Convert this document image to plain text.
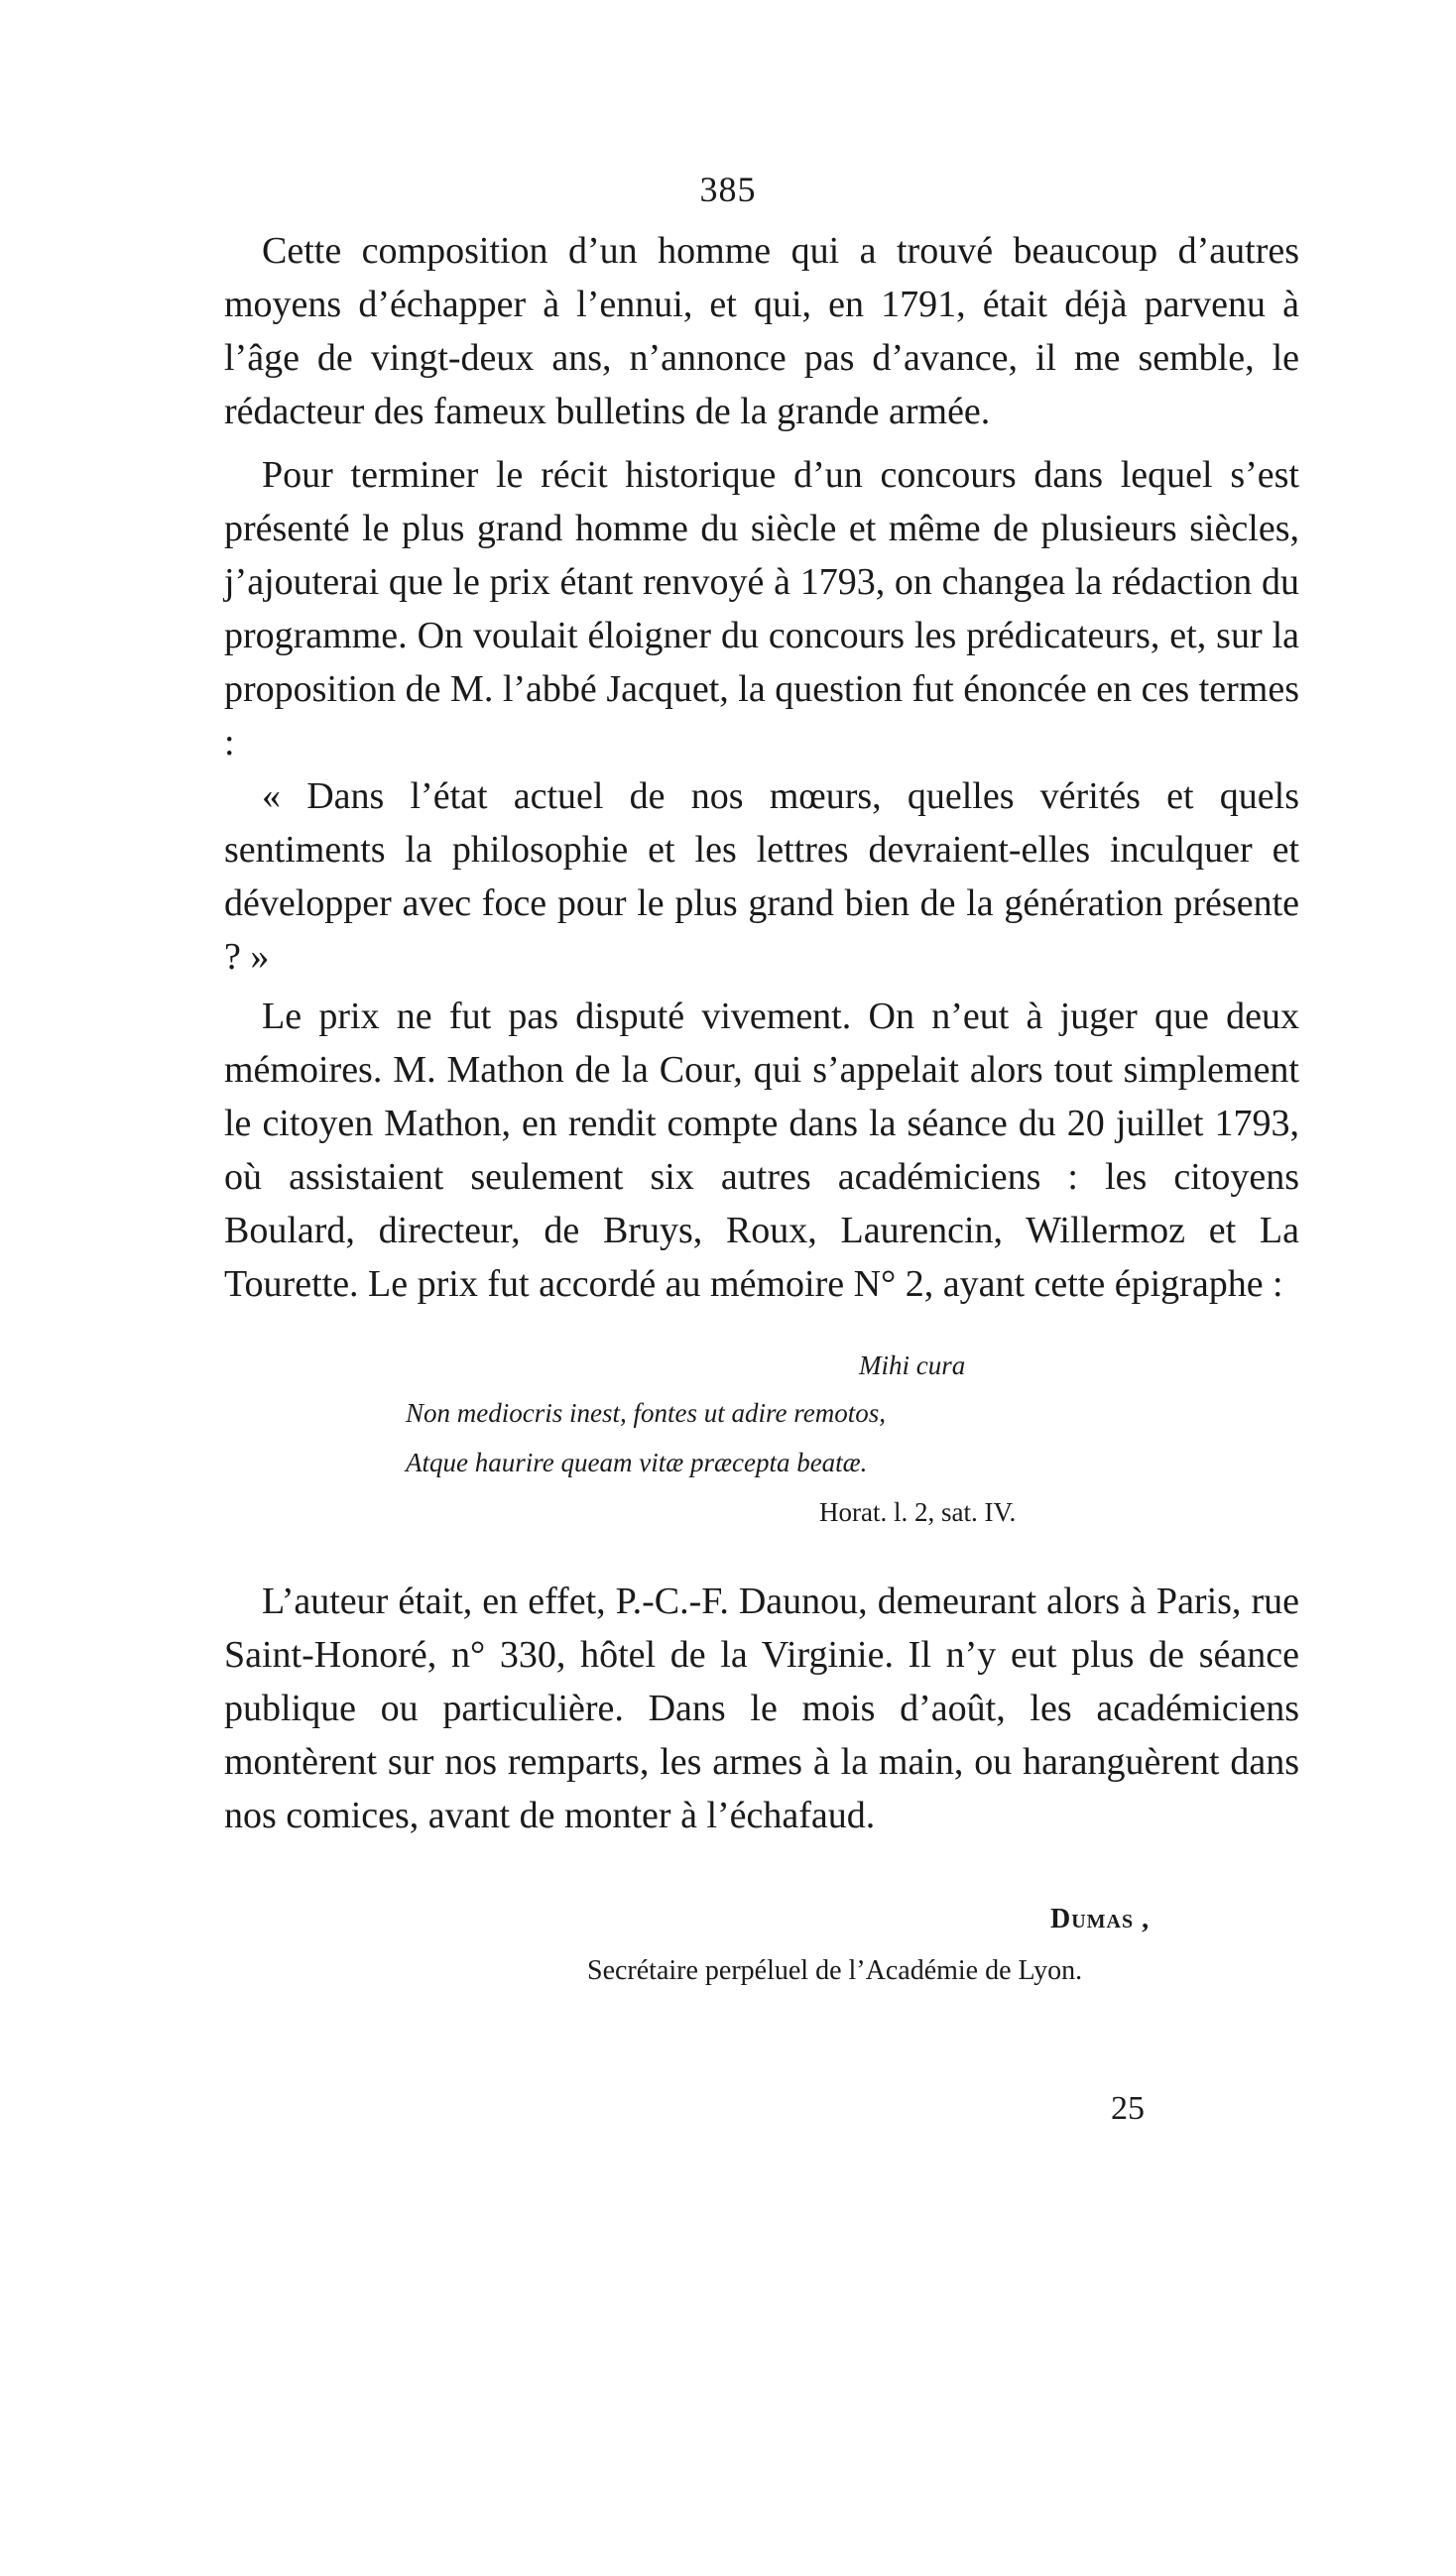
385

Cette composition d’un homme qui a trouvé beaucoup d’autres moyens d’échapper à l’ennui, et qui, en 1791, était déjà parvenu à l’âge de vingt-deux ans, n’annonce pas d’avance, il me semble, le rédacteur des fameux bulletins de la grande armée.

Pour terminer le récit historique d’un concours dans lequel s’est présenté le plus grand homme du siècle et même de plusieurs siècles, j’ajouterai que le prix étant renvoyé à 1793, on changea la rédaction du programme. On voulait éloigner du concours les prédicateurs, et, sur la proposition de M. l’abbé Jacquet, la question fut énoncée en ces termes :

« Dans l’état actuel de nos mœurs, quelles vérités et quels sentiments la philosophie et les lettres devraient-elles inculquer et développer avec foce pour le plus grand bien de la génération présente ? »

Le prix ne fut pas disputé vivement. On n’eut à juger que deux mémoires. M. Mathon de la Cour, qui s’appelait alors tout simplement le citoyen Mathon, en rendit compte dans la séance du 20 juillet 1793, où assistaient seulement six autres académiciens : les citoyens Boulard, directeur, de Bruys, Roux, Laurencin, Willermoz et La Tourette. Le prix fut accordé au mémoire N° 2, ayant cette épigraphe :

Mihi cura
Non mediocris inest, fontes ut adire remotos,
Atque haurire queam vitæ præcepta beatæ.
Horat. l. 2, sat. IV.

L’auteur était, en effet, P.-C.-F. Daunou, demeurant alors à Paris, rue Saint-Honoré, n° 330, hôtel de la Virginie. Il n’y eut plus de séance publique ou particulière. Dans le mois d’août, les académiciens montèrent sur nos remparts, les armes à la main, ou haranguèrent dans nos comices, avant de monter à l’échafaud.

Dumas ,
Secrétaire perpéluel de l’Académie de Lyon.
25
